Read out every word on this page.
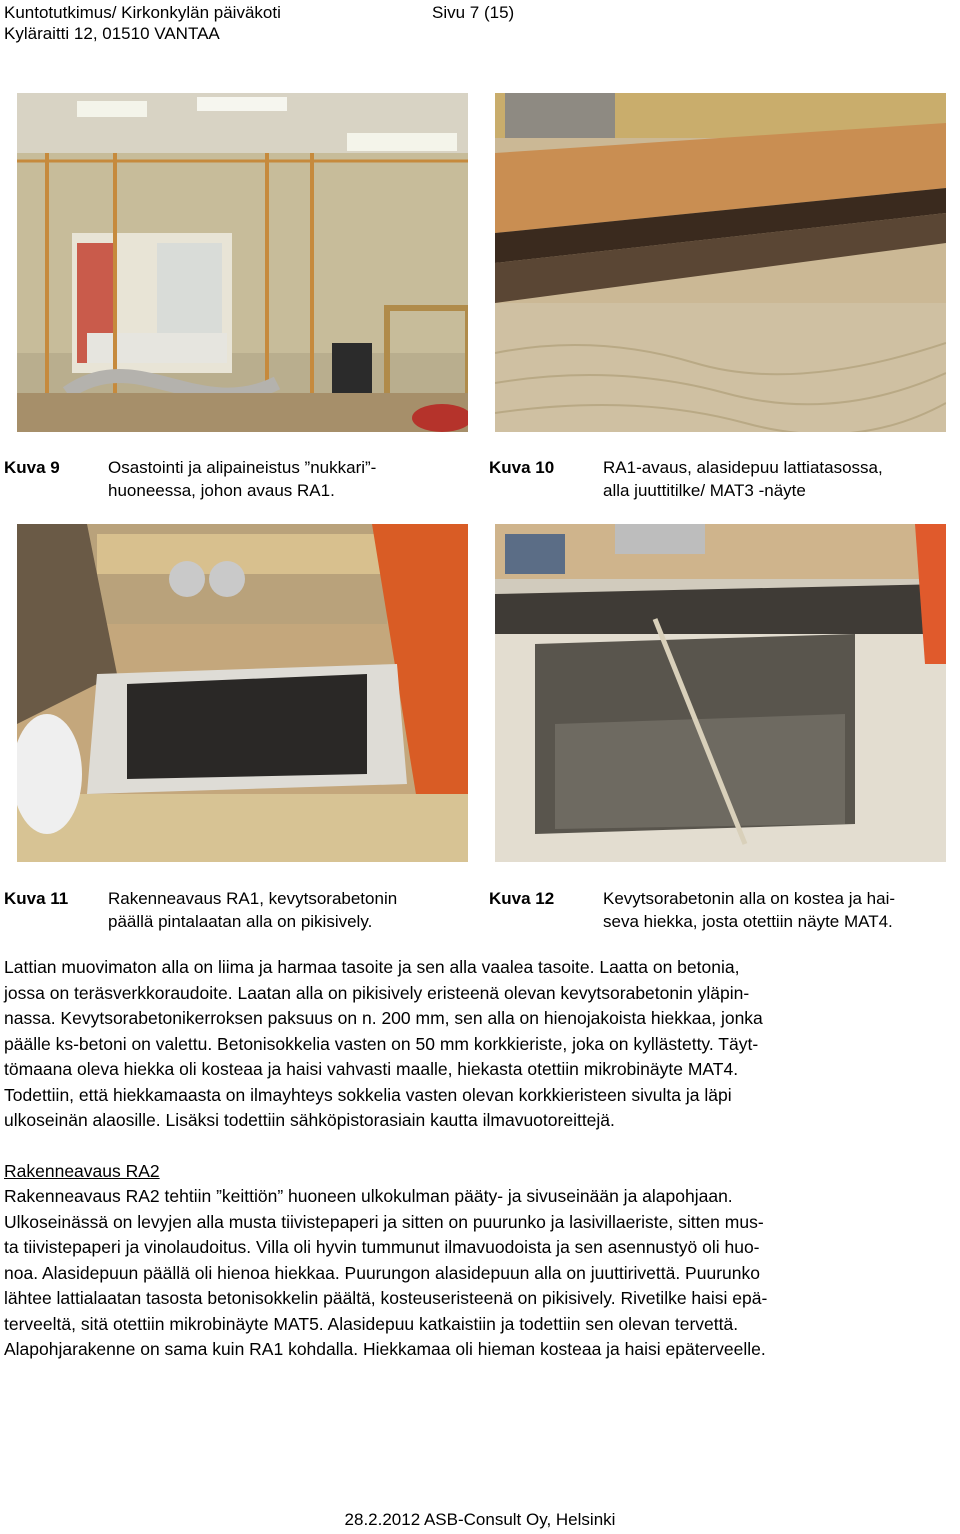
Kuntotutkimus/ Kirkonkylän päiväkoti
Kyläraitti 12, 01510 VANTAA
Sivu 7 (15)
Kuva 9	Osastointi ja alipaineistus ”nukkari”-
huoneessa, johon avaus RA1.
Kuva 10	RA1-avaus, alasidepuu lattiatasossa,
alla juuttitilke/ MAT3 -näyte
Kuva 11 Rakenneavaus RA1, kevytsorabetonin
päällä pintalaatan alla on pikisively.
Kuva 12	Kevytsorabetonin alla on kostea ja hai-
seva hiekka, josta otettiin näyte MAT4.
Lattian muovimaton alla on liima ja harmaa tasoite ja sen alla vaalea tasoite. Laatta on betonia,
jossa on teräsverkkoraudoite. Laatan alla on pikisively eristeenä olevan kevytsorabetonin yläpin-
nassa. Kevytsorabetonikerroksen paksuus on n. 200 mm, sen alla on hienojakoista hiekkaa, jonka
päälle ks-betoni on valettu. Betonisokkelia vasten on 50 mm korkkieriste, joka on kyllästetty. Täyt-
tömaana oleva hiekka oli kosteaa ja haisi vahvasti maalle, hiekasta otettiin mikrobinäyte MAT4.
Todettiin, että hiekkamaasta on ilmayhteys sokkelia vasten olevan korkkieristeen sivulta ja läpi
ulkoseinän alaosille. Lisäksi todettiin sähköpistorasiain kautta ilmavuotoreittejä.
Rakenneavaus RA2
Rakenneavaus RA2 tehtiin ”keittiön” huoneen ulkokulman pääty- ja sivuseinään ja alapohjaan.
Ulkoseinässä on levyjen alla musta tiivistepaperi ja sitten on puurunko ja lasivillaeriste, sitten mus-
ta tiivistepaperi ja vinolaudoitus. Villa oli hyvin tummunut ilmavuodoista ja sen asennustyö oli huo-
noa. Alasidepuun päällä oli hienoa hiekkaa. Puurungon alasidepuun alla on juuttirivettä. Puurunko
lähtee lattialaatan tasosta betonisokkelin päältä, kosteuseristeenä on pikisively. Rivetilke haisi epä-
terveeltä, sitä otettiin mikrobinäyte MAT5. Alasidepuu katkaistiin ja todettiin sen olevan tervettä.
Alapohjarakenne on sama kuin RA1 kohdalla. Hiekkamaa oli hieman kosteaa ja haisi epäterveelle.
28.2.2012 ASB-Consult Oy, Helsinki
